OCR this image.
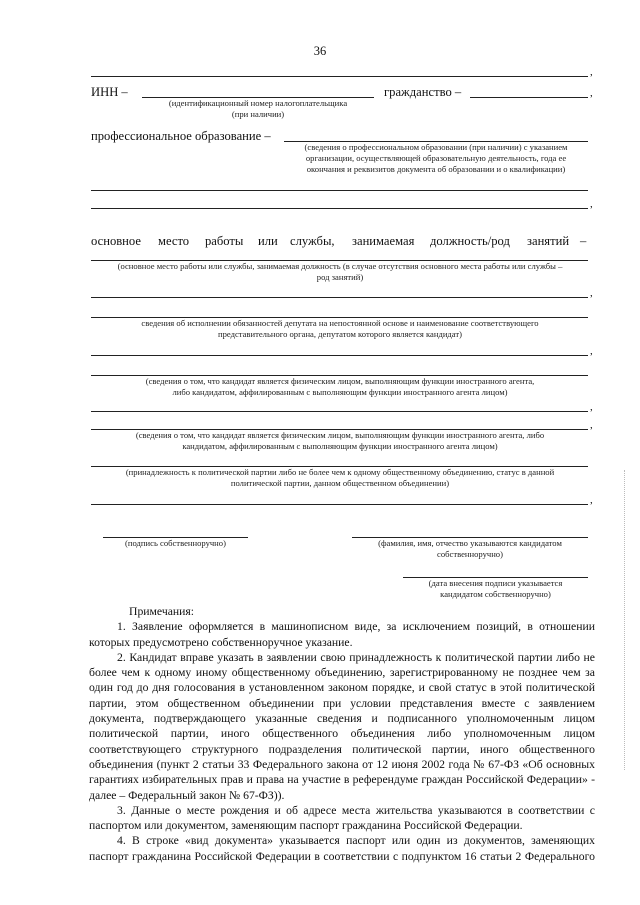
36
,
ИНН –
(идентификационный номер налогоплательщика
(при наличии)
гражданство –	,
профессиональное образование –
(сведения о профессиональном образовании (при наличии) с указанием
организации, осуществляющей образовательную деятельность, года ее
окончания и реквизитов документа об образовании и о квалификации)
,
основное место работы или службы, занимаемая должность/род занятий –
(основное место работы или службы, занимаемая должность (в случае отсутствия основного места работы или службы –
род занятий)
,
сведения об исполнении обязанностей депутата на непостоянной основе и наименование соответствующего
представительного органа, депутатом которого является кандидат)
,
(сведения о том, что кандидат является физическим лицом, выполняющим функции иностранного агента,
либо кандидатом, аффилированным с выполняющим функции иностранного агента лицом)
,
,
(сведения о том, что кандидат является физическим лицом, выполняющим функции иностранного агента, либо
кандидатом, аффилированным с выполняющим функции иностранного агента лицом)
(принадлежность к политической партии либо не более чем к одному общественному объединению, статус в данной
политической партии, данном общественном объединении)
,
(подпись собственноручно)	(фамилия, имя, отчество указываются кандидатом
собственноручно)
(дата внесения подписи указывается
кандидатом собственноручно)

Примечания:

1. Заявление оформляется в машинописном виде, за исключением позиций, в отношении которых предусмотрено собственноручное указание.

2. Кандидат вправе указать в заявлении свою принадлежность к политической партии либо не более чем к одному иному общественному объединению, зарегистрированному не позднее чем за один год до дня голосования в установленном законом порядке, и свой статус в этой политической партии, этом общественном объединении при условии представления вместе с заявлением документа, подтверждающего указанные сведения и подписанного уполномоченным лицом политической партии, иного общественного объединения либо уполномоченным лицом соответствующего структурного подразделения политической партии, иного общественного объединения (пункт 2 статьи 33 Федерального закона от 12 июня 2002 года № 67-ФЗ «Об основных гарантиях избирательных прав и права на участие в референдуме граждан Российской Федерации» - далее – Федеральный закон № 67-ФЗ)).

3. Данные о месте рождения и об адресе места жительства указываются в соответствии с паспортом или документом, заменяющим паспорт гражданина Российской Федерации.

4. В строке «вид документа» указывается паспорт или один из документов, заменяющих паспорт гражданина Российской Федерации в соответствии с подпунктом 16 статьи 2 Федерального
